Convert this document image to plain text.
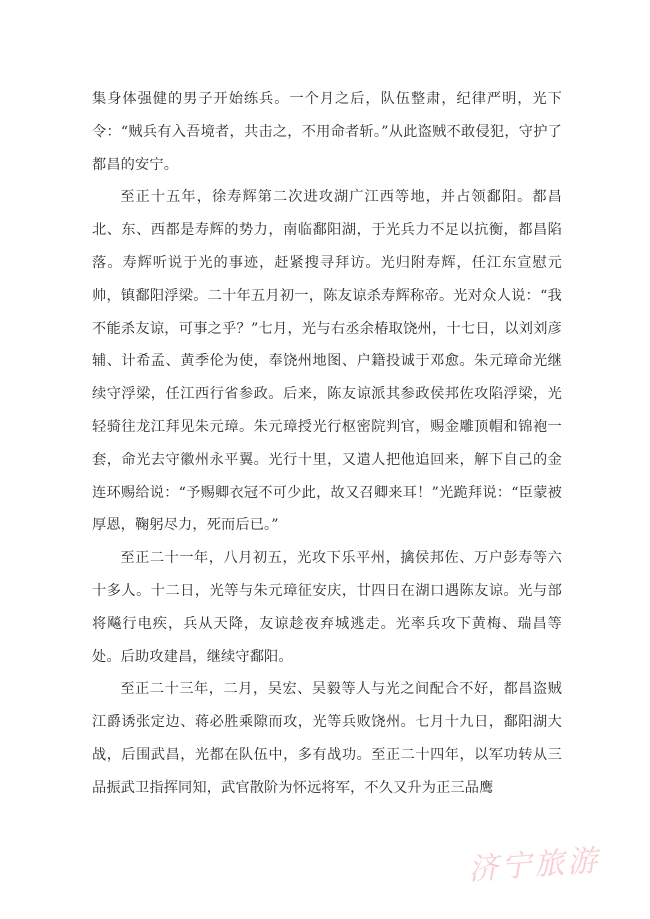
集身体强健的男子开始练兵。一个月之后，队伍整肃，纪律严明，光下令：“贼兵有入吾境者，共击之，不用命者斩。”从此盗贼不敢侵犯，守护了都昌的安宁。

至正十五年，徐寿辉第二次进攻湖广江西等地，并占领鄱阳。都昌北、东、西都是寿辉的势力，南临鄱阳湖，于光兵力不足以抗衡，都昌陷落。寿辉听说于光的事迹，赶紧搜寻拜访。光归附寿辉，任江东宣慰元帅，镇鄱阳浮梁。二十年五月初一，陈友谅杀寿辉称帝。光对众人说：“我不能杀友谅，可事之乎？”七月，光与右丞余椿取饶州，十七日，以刘刘彦辅、计希孟、黄季伦为使，奉饶州地图、户籍投诚于邓愈。朱元璋命光继续守浮梁，任江西行省参政。后来，陈友谅派其参政侯邦佐攻陷浮梁，光轻骑往龙江拜见朱元璋。朱元璋授光行枢密院判官，赐金雕顶帽和锦袍一套，命光去守徽州永平翼。光行十里，又遣人把他追回来，解下自己的金连环赐给说：“予赐卿衣冠不可少此，故又召卿来耳！”光跪拜说：“臣蒙被厚恩，鞠躬尽力，死而后已。”

至正二十一年，八月初五，光攻下乐平州，擒侯邦佐、万户彭寿等六十多人。十二日，光等与朱元璋征安庆，廿四日在湖口遇陈友谅。光与部将飚行电疾，兵从天降，友谅趁夜弃城逃走。光率兵攻下黄梅、瑞昌等处。后助攻建昌，继续守鄱阳。

至正二十三年，二月，吴宏、吴毅等人与光之间配合不好，都昌盗贼江爵诱张定边、蒋必胜乘隙而攻，光等兵败饶州。七月十九日，鄱阳湖大战，后围武昌，光都在队伍中，多有战功。至正二十四年，以军功转从三品振武卫指挥同知，武官散阶为怀远将军，不久又升为正三品鹰

济宁旅游
